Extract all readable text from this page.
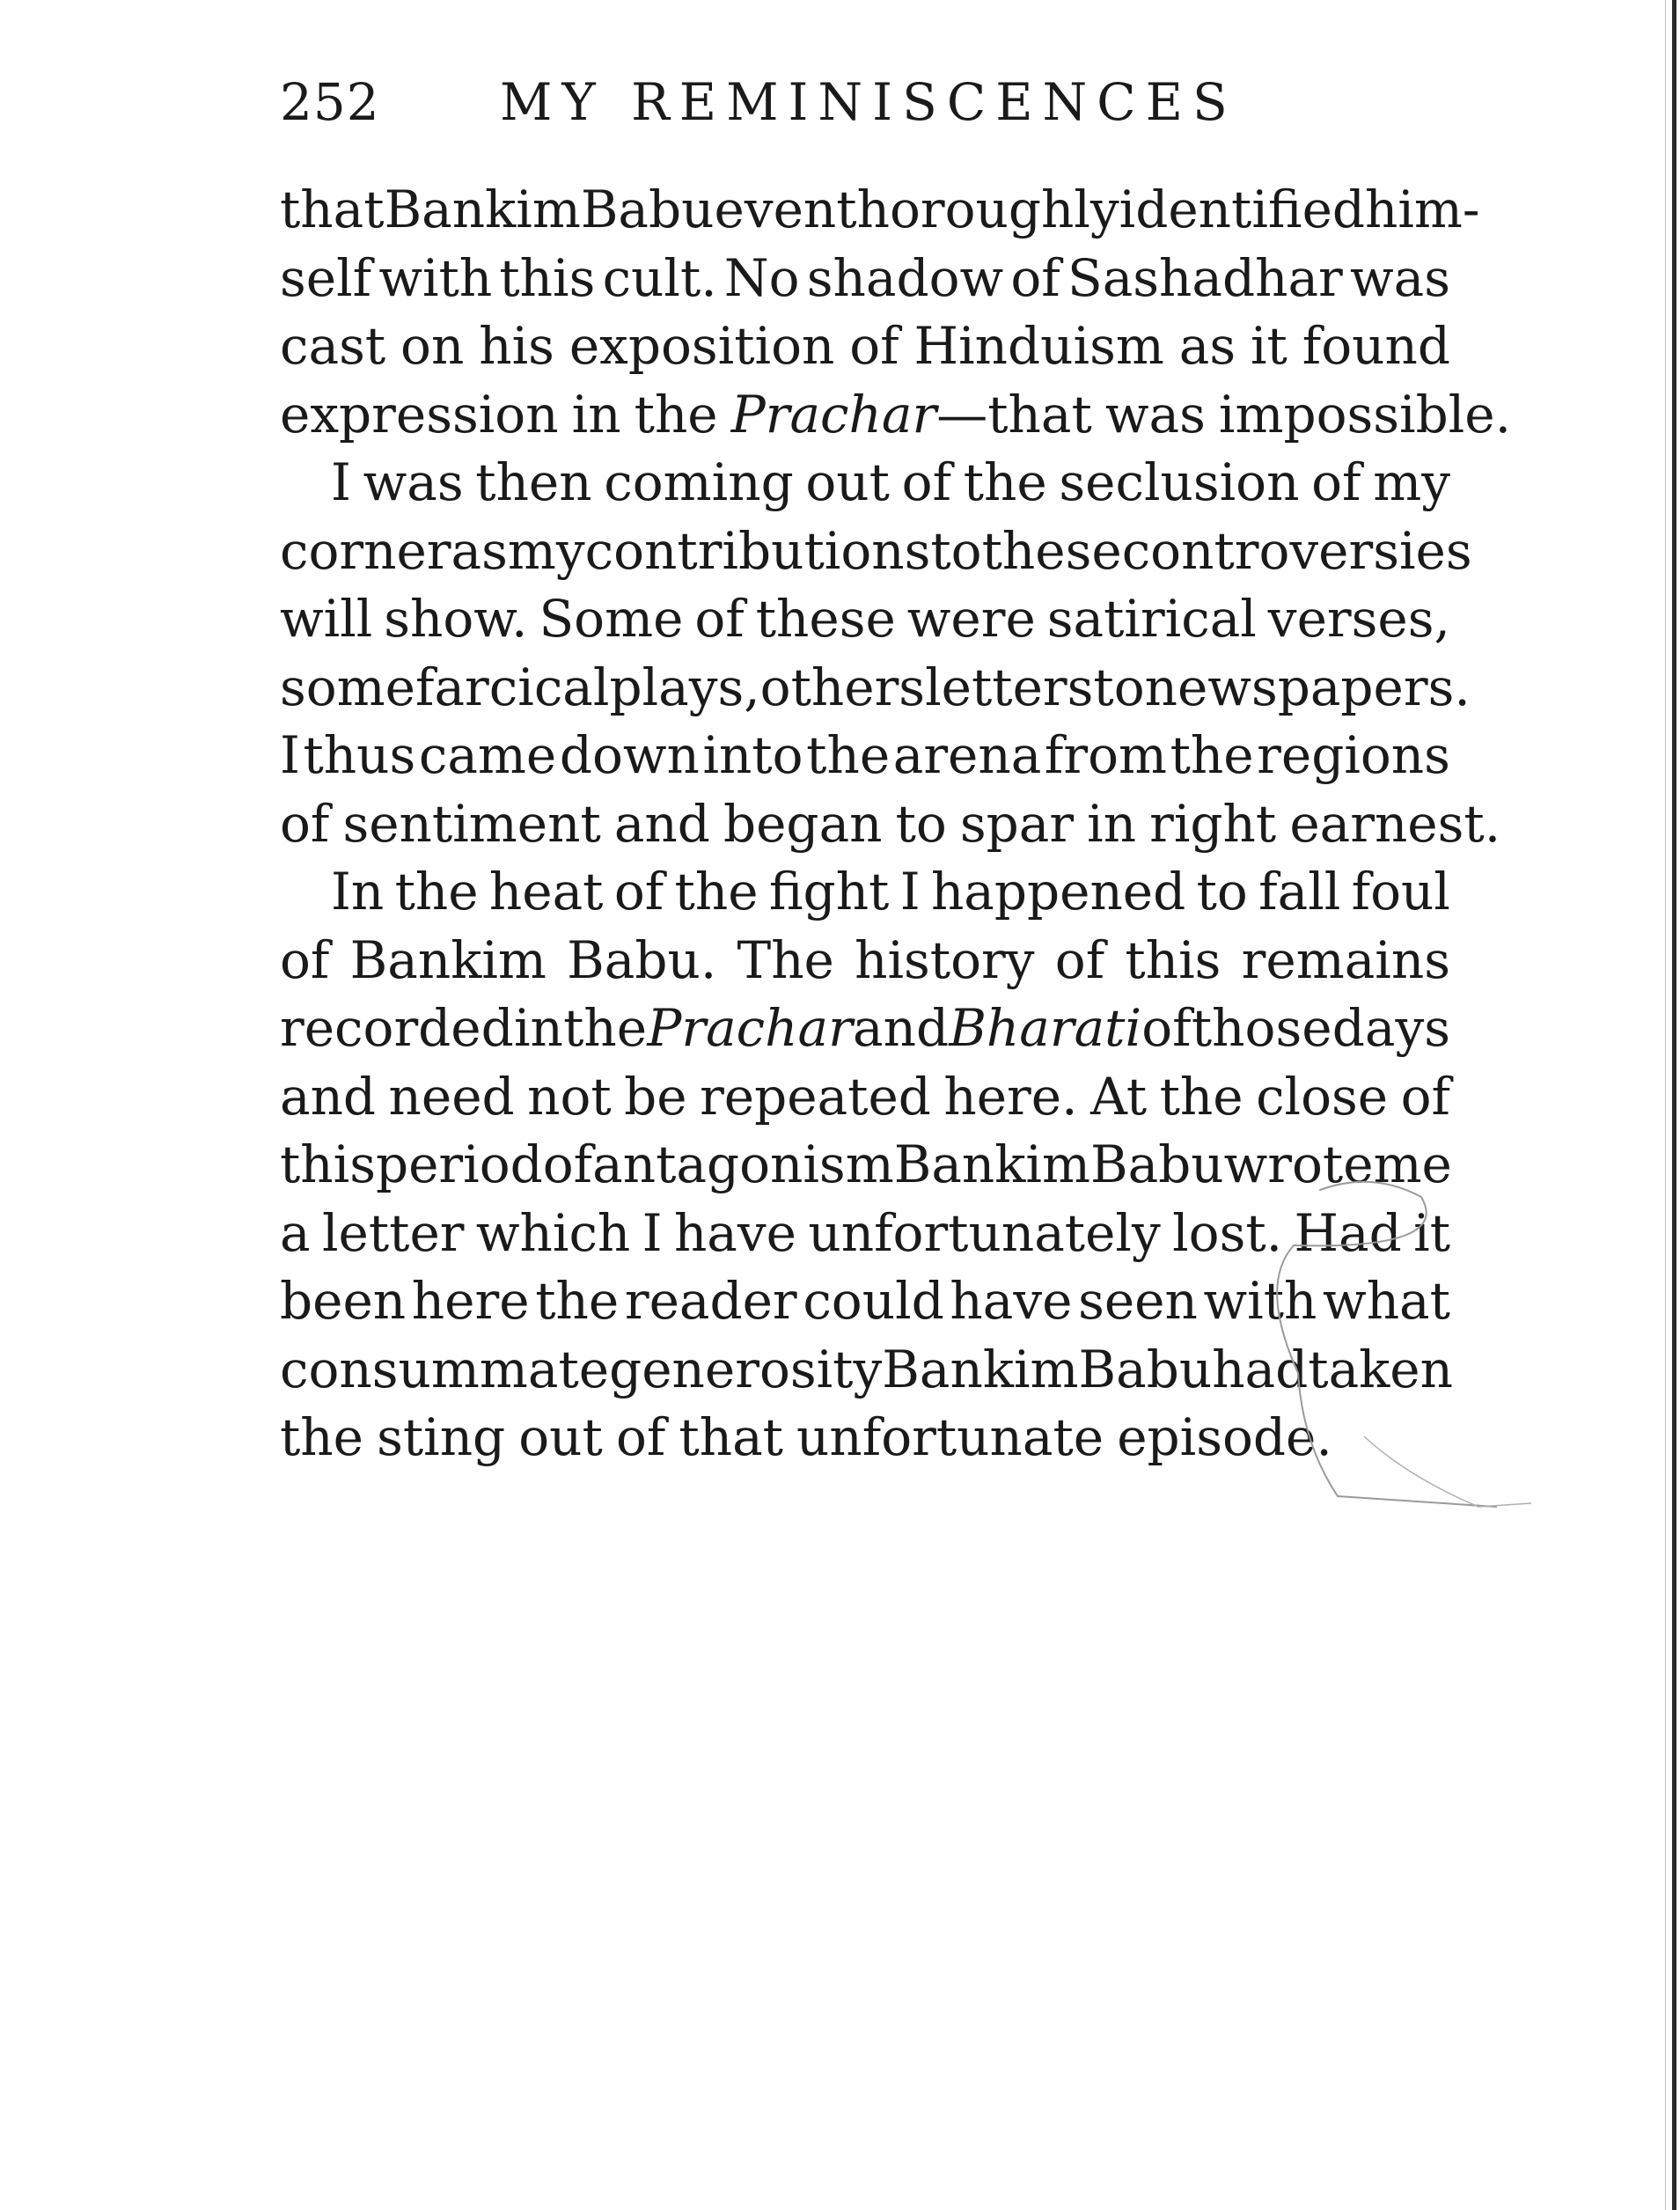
252 MY REMINISCENCES
that Bankim Babu even thoroughly identified him-
self with this cult. No shadow of Sashadhar was
cast on his exposition of Hinduism as it found
expression in the Prachar—that was impossible.
I was then coming out of the seclusion of my
corner as my contributions to these controversies
will show. Some of these were satirical verses,
some farcical plays, others letters to newspapers.
I thus came down into the arena from the regions
of sentiment and began to spar in right earnest.
In the heat of the fight I happened to fall foul
of Bankim Babu. The history of this remains
recorded in the Prachar and Bharati of those days
and need not be repeated here. At the close of
this period of antagonism Bankim Babu wrote me
a letter which I have unfortunately lost. Had it
been here the reader could have seen with what
consummate generosity Bankim Babu had taken
the sting out of that unfortunate episode.
